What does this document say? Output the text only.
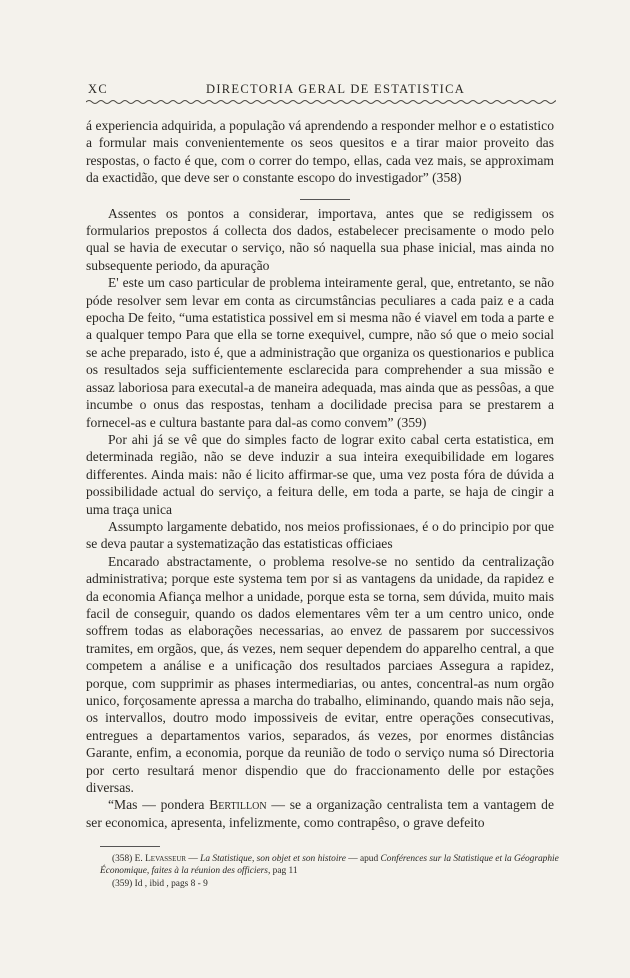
XC	DIRECTORIA GERAL DE ESTATISTICA

á experiencia adquirida, a população vá aprendendo a responder melhor e o estatistico a formular mais convenientemente os seos quesitos e a tirar maior proveito das respostas, o facto é que, com o correr do tempo, ellas, cada vez mais, se approximam da exactidão, que deve ser o constante escopo do investigador” (358)

Assentes os pontos a considerar, importava, antes que se redigissem os formularios prepostos á collecta dos dados, estabelecer precisamente o modo pelo qual se havia de executar o serviço, não só naquella sua phase inicial, mas ainda no subsequente periodo, da apuração

E' este um caso particular de problema inteiramente geral, que, entretanto, se não póde resolver sem levar em conta as circumstâncias peculiares a cada paiz e a cada epocha De feito, “uma estatistica possivel em si mesma não é viavel em toda a parte e a qualquer tempo Para que ella se torne exequivel, cumpre, não só que o meio social se ache preparado, isto é, que a administração que organiza os questionarios e publica os resultados seja sufficientemente esclarecida para comprehender a sua missão e assaz laboriosa para executal-a de maneira adequada, mas ainda que as pessôas, a que incumbe o onus das respostas, tenham a docilidade precisa para se prestarem a fornecel-as e cultura bastante para dal-as como convem” (359)

Por ahi já se vê que do simples facto de lograr exito cabal certa estatistica, em determinada região, não se deve induzir a sua inteira exequibilidade em logares differentes. Ainda mais: não é licito affirmar-se que, uma vez posta fóra de dúvida a possibilidade actual do serviço, a feitura delle, em toda a parte, se haja de cingir a uma traça unica

Assumpto largamente debatido, nos meios profissionaes, é o do principio por que se deva pautar a systematização das estatisticas officiaes

Encarado abstractamente, o problema resolve-se no sentido da centralização administrativa; porque este systema tem por si as vantagens da unidade, da rapidez e da economia Afiança melhor a unidade, porque esta se torna, sem dúvida, muito mais facil de conseguir, quando os dados elementares vêm ter a um centro unico, onde soffrem todas as elaborações necessarias, ao envez de passarem por successivos tramites, em orgãos, que, ás vezes, nem sequer dependem do apparelho central, a que competem a análise e a unificação dos resultados parciaes Assegura a rapidez, porque, com supprimir as phases intermediarias, ou antes, concentral-as num orgão unico, forçosamente apressa a marcha do trabalho, eliminando, quando mais não seja, os intervallos, doutro modo impossiveis de evitar, entre operações consecutivas, entregues a departamentos varios, separados, ás vezes, por enormes distâncias Garante, enfim, a economia, porque da reunião de todo o serviço numa só Directoria por certo resultará menor dispendio que do fraccionamento delle por estações diversas.

“Mas — pondera Bertillon — se a organização centralista tem a vantagem de ser economica, apresenta, infelizmente, como contrapêso, o grave defeito

(358) E. Levasseur — La Statistique, son objet et son histoire — apud Conférences sur la Statistique et la Géographie Économique, faites à la réunion des officiers, pag 11

(359) Id , ibid , pags 8 - 9
